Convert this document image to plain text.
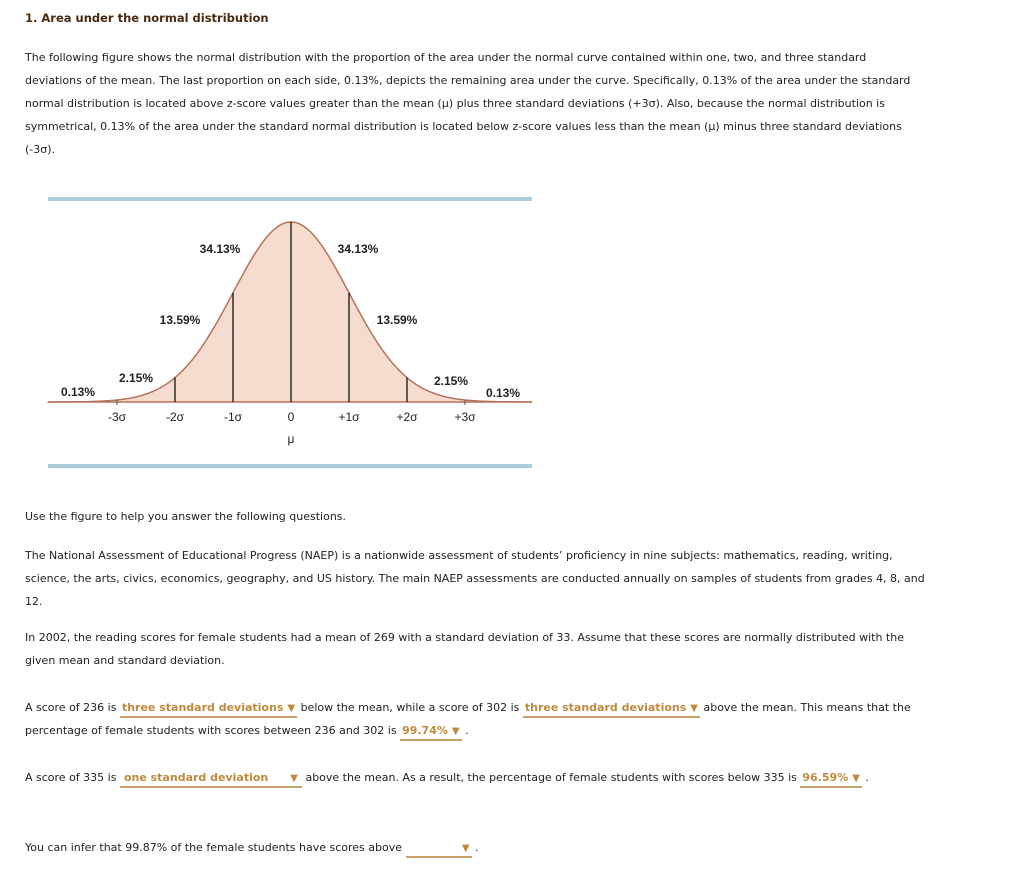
1. Area under the normal distribution
The following figure shows the normal distribution with the proportion of the area under the normal curve contained within one, two, and three standard deviations of the mean. The last proportion on each side, 0.13%, depicts the remaining area under the curve. Specifically, 0.13% of the area under the standard normal distribution is located above z-score values greater than the mean (μ) plus three standard deviations (+3σ). Also, because the normal distribution is symmetrical, 0.13% of the area under the standard normal distribution is located below z-score values less than the mean (μ) minus three standard deviations (-3σ).
-3σ	-2σ	-1σ	0	+1σ	+2σ	+3σ
μ
0.13%
2.15%
13.59%
34.13%	34.13%
13.59%
2.15%
0.13%
Use the figure to help you answer the following questions.
The National Assessment of Educational Progress (NAEP) is a nationwide assessment of students’ proficiency in nine subjects: mathematics, reading, writing, science, the arts, civics, economics, geography, and US history. The main NAEP assessments are conducted annually on samples of students from grades 4, 8, and 12.
In 2002, the reading scores for female students had a mean of 269 with a standard deviation of 33. Assume that these scores are normally distributed with the given mean and standard deviation.
A score of 236 is three standard deviations ▼ below the mean, while a score of 302 is three standard deviations ▼ above the mean. This means that the percentage of female students with scores between 236 and 302 is 99.74% ▼ .
A score of 335 is one standard deviation ▼ above the mean. As a result, the percentage of female students with scores below 335 is 96.59% ▼ .
You can infer that 99.87% of the female students have scores above	▼ .
